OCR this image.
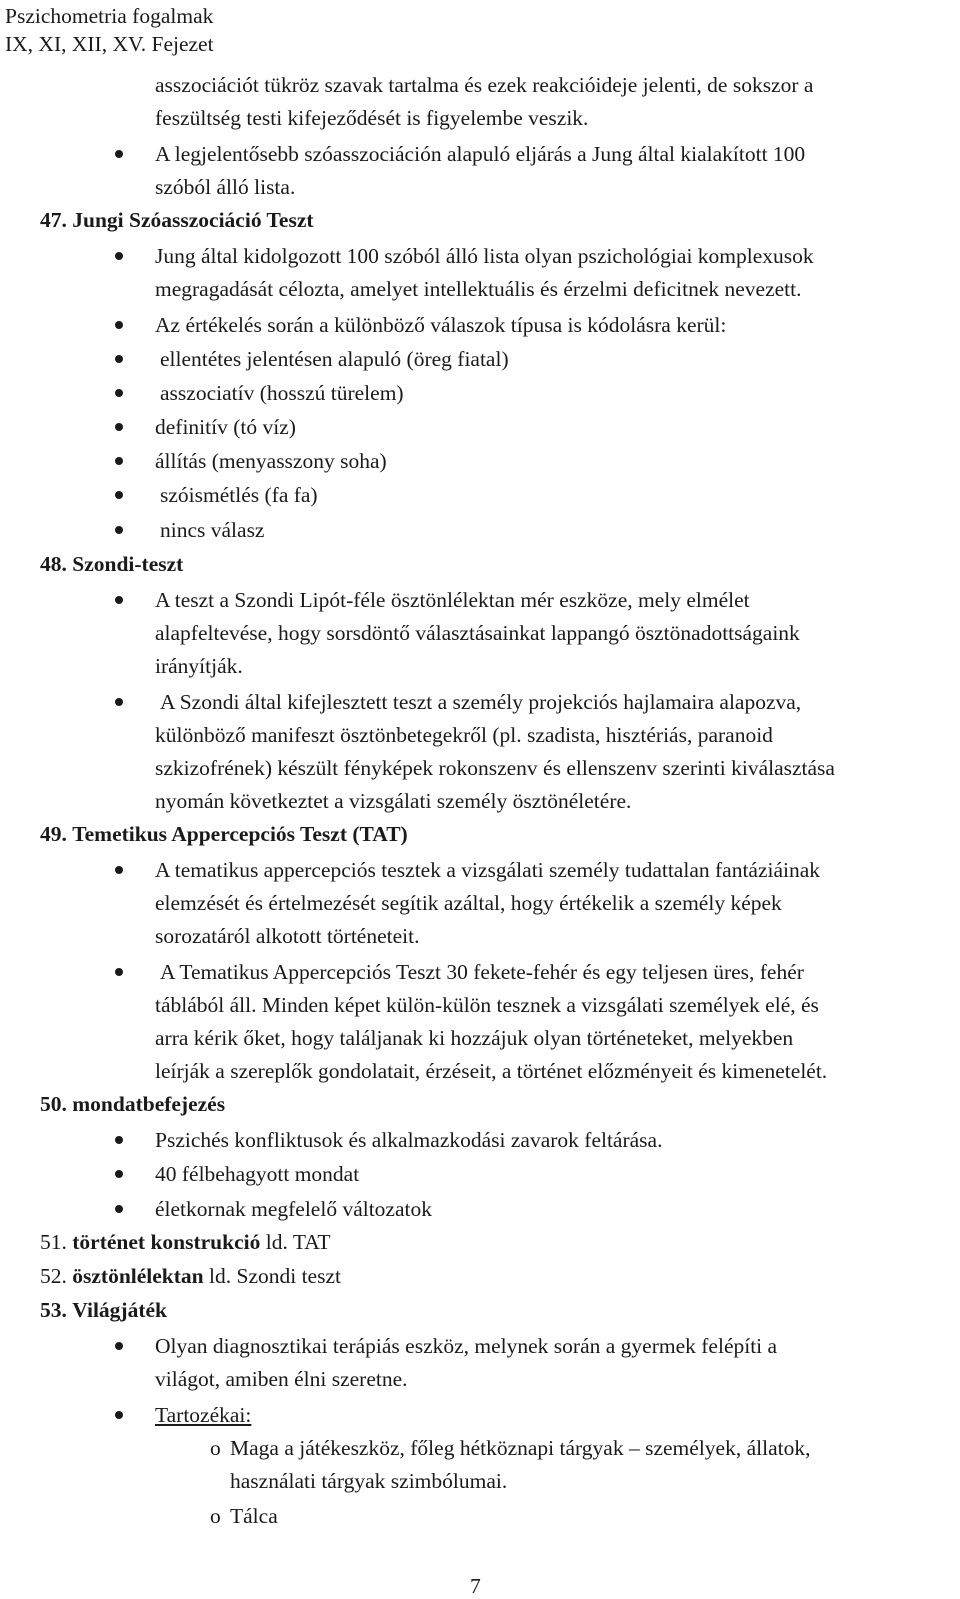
Pszichometria fogalmak
IX, XI, XII, XV. Fejezet
asszociációt tükröz szavak tartalma és ezek reakcióideje jelenti, de sokszor a
feszültség testi kifejeződését is figyelembe veszik.
A legjelentősebb szóasszociáción alapuló eljárás a Jung által kialakított 100
szóból álló lista.
47. Jungi Szóasszociáció Teszt
Jung által kidolgozott 100 szóból álló lista olyan pszichológiai komplexusok
megragadását célozta, amelyet intellektuális és érzelmi deficitnek nevezett.
Az értékelés során a különböző válaszok típusa is kódolásra kerül:
ellentétes jelentésen alapuló (öreg fiatal)
asszociatív (hosszú türelem)
definitív (tó víz)
állítás (menyasszony soha)
szóismétlés (fa fa)
nincs válasz
48. Szondi-teszt
A teszt a Szondi Lipót-féle ösztönlélektan mér eszköze, mely elmélet
alapfeltevése, hogy sorsdöntő választásainkat lappangó ösztönadottságaink
irányítják.
A Szondi által kifejlesztett teszt a személy projekciós hajlamaira alapozva,
különböző manifeszt ösztönbetegekről (pl. szadista, hisztériás, paranoid
szkizofrének) készült fényképek rokonszenv és ellenszenv szerinti kiválasztása
nyomán következtet a vizsgálati személy ösztönéletére.
49. Temetikus Appercepciós Teszt (TAT)
A tematikus appercepciós tesztek a vizsgálati személy tudattalan fantáziáinak
elemzését és értelmezését segítik azáltal, hogy értékelik a személy képek
sorozatáról alkotott történeteit.
A Tematikus Appercepciós Teszt 30 fekete-fehér és egy teljesen üres, fehér
táblából áll. Minden képet külön-külön tesznek a vizsgálati személyek elé, és
arra kérik őket, hogy találjanak ki hozzájuk olyan történeteket, melyekben
leírják a szereplők gondolatait, érzéseit, a történet előzményeit és kimenetelét.
50. mondatbefejezés
Pszichés konfliktusok és alkalmazkodási zavarok feltárása.
40 félbehagyott mondat
életkornak megfelelő változatok
51. történet konstrukció ld. TAT
52. ösztönlélektan ld. Szondi teszt
53. Világjáték
Olyan diagnosztikai terápiás eszköz, melynek során a gyermek felépíti a
világot, amiben élni szeretne.
Tartozékai:
o Maga a játékeszköz, főleg hétköznapi tárgyak – személyek, állatok,
használati tárgyak szimbólumai.
o Tálca
7
